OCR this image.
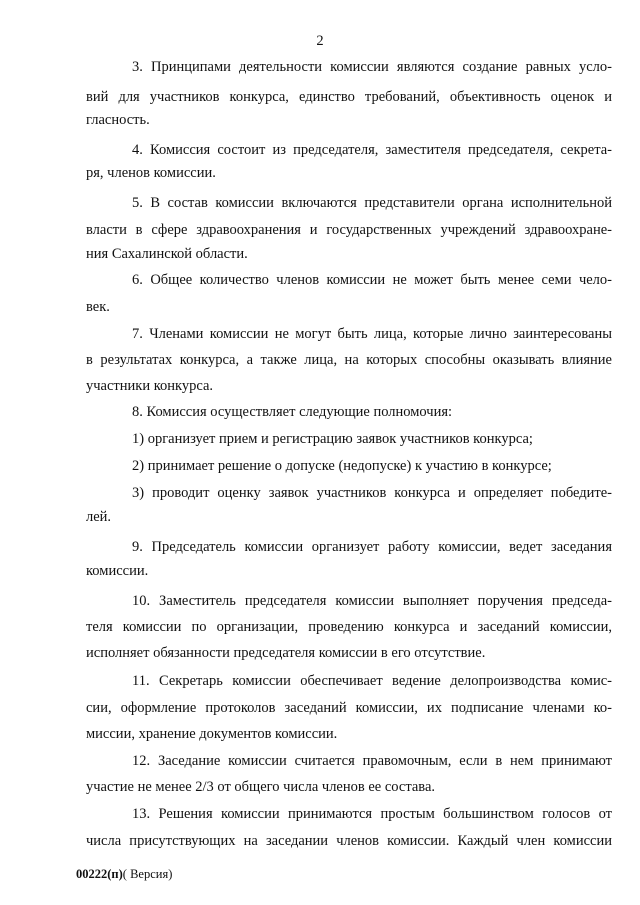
2
3. Принципами деятельности комиссии являются создание равных усло-
вий для участников конкурса, единство требований, объективность оценок и
гласность.
4. Комиссия состоит из председателя, заместителя председателя, секрета-
ря, членов комиссии.
5. В состав комиссии включаются представители органа исполнительной
власти в сфере здравоохранения и государственных учреждений здравоохране-
ния Сахалинской области.
6. Общее количество членов комиссии не может быть менее семи чело-
век.
7. Членами комиссии не могут быть лица, которые лично заинтересованы
в результатах конкурса, а также лица, на которых способны оказывать влияние
участники конкурса.
8. Комиссия осуществляет следующие полномочия:
1) организует прием и регистрацию заявок участников конкурса;
2) принимает решение о допуске (недопуске) к участию в конкурсе;
3) проводит оценку заявок участников конкурса и определяет победите-
лей.
9. Председатель комиссии организует работу комиссии, ведет заседания
комиссии.
10. Заместитель председателя комиссии выполняет поручения председа-
теля комиссии по организации, проведению конкурса и заседаний комиссии,
исполняет обязанности председателя комиссии в его отсутствие.
11. Секретарь комиссии обеспечивает ведение делопроизводства комис-
сии, оформление протоколов заседаний комиссии, их подписание членами ко-
миссии, хранение документов комиссии.
12. Заседание комиссии считается правомочным, если в нем принимают
участие не менее 2/3 от общего числа членов ее состава.
13. Решения комиссии принимаются простым большинством голосов от
числа присутствующих на заседании членов комиссии. Каждый член комиссии
00222(п)( Версия)
